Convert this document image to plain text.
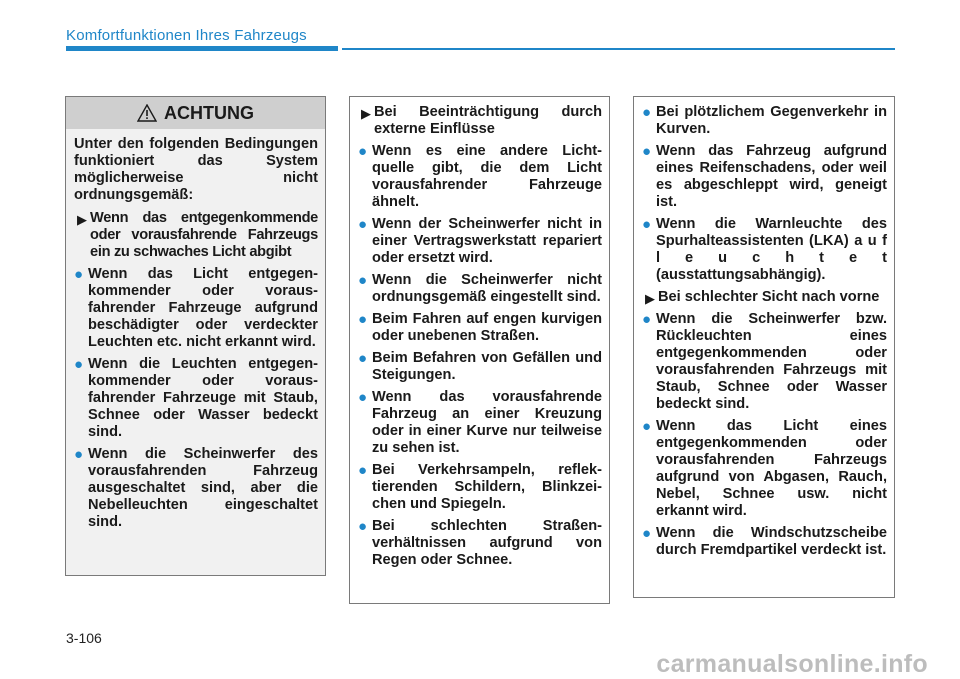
Komfortfunktionen Ihres Fahrzeugs
ACHTUNG

Unter den folgenden Bedingungen funktioniert das System möglicherweise nicht ordnungsgemäß:

▶ Wenn das entgegenkommende oder vorausfahrende Fahrzeugs ein zu schwaches Licht abgibt
● Wenn das Licht entgegen-kommender oder voraus-fahrender Fahrzeuge aufgrund beschädigter oder verdeckter Leuchten etc. nicht erkannt wird.
● Wenn die Leuchten entgegen-kommender oder voraus-fahrender Fahrzeuge mit Staub, Schnee oder Wasser bedeckt sind.
● Wenn die Scheinwerfer des vorausfahrenden Fahrzeug ausgeschaltet sind, aber die Nebelleuchten eingeschaltet sind.
▶ Bei Beeinträchtigung durch externe Einflüsse
● Wenn es eine andere Licht-quelle gibt, die dem Licht vorausfahrender Fahrzeuge ähnelt.
● Wenn der Scheinwerfer nicht in einer Vertragswerkstatt repariert oder ersetzt wird.
● Wenn die Scheinwerfer nicht ordnungsgemäß eingestellt sind.
● Beim Fahren auf engen kurvigen oder unebenen Straßen.
● Beim Befahren von Gefällen und Steigungen.
● Wenn das vorausfahrende Fahrzeug an einer Kreuzung oder in einer Kurve nur teilweise zu sehen ist.
● Bei Verkehrsampeln, reflek-tierenden Schildern, Blinkzei-chen und Spiegeln.
● Bei schlechten Straßen-verhältnissen aufgrund von Regen oder Schnee.
● Bei plötzlichem Gegenverkehr in Kurven.
● Wenn das Fahrzeug aufgrund eines Reifenschadens, oder weil es abgeschleppt wird, geneigt ist.
● Wenn die Warnleuchte des Spurhalteassistenten (LKA) a u f l e u c h t e t (ausstattungsabhängig).
▶ Bei schlechter Sicht nach vorne
● Wenn die Scheinwerfer bzw. Rückleuchten eines entgegenkommenden oder vorausfahrenden Fahrzeugs mit Staub, Schnee oder Wasser bedeckt sind.
● Wenn das Licht eines entgegenkommenden oder vorausfahrenden Fahrzeugs aufgrund von Abgasen, Rauch, Nebel, Schnee usw. nicht erkannt wird.
● Wenn die Windschutzscheibe durch Fremdpartikel verdeckt ist.
3-106
carmanualsonline.info
